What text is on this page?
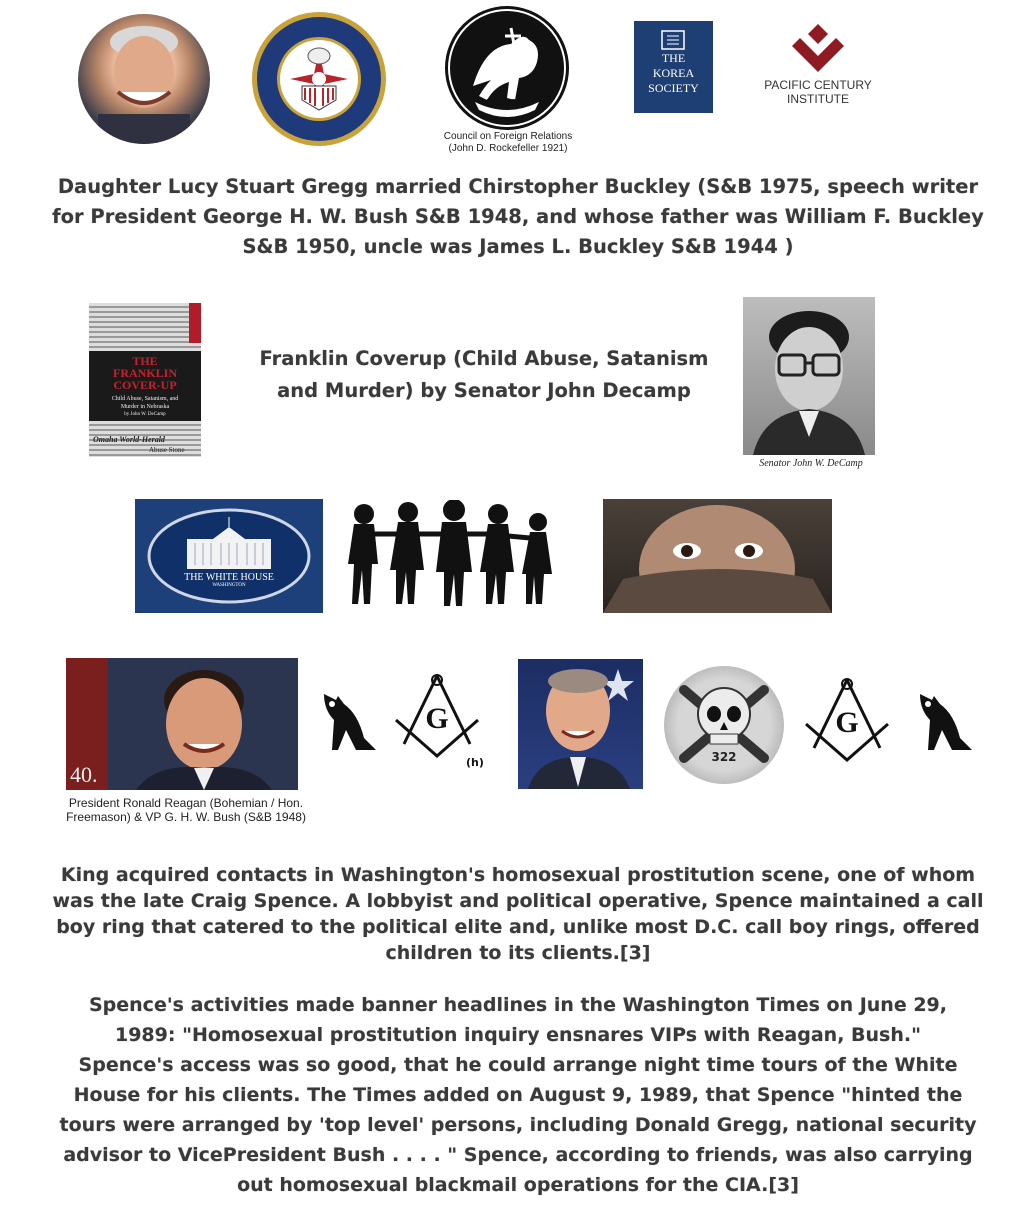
ΠΕΡΙΟΥΣ
Council on Foreign Relations
(John D. Rockefeller 1921)
THE
KOREA
SOCIETY	PACIFIC CENTURY
INSTITUTE
Daughter Lucy Stuart Gregg married Chirstopher Buckley (S&B 1975, speech writer
for President George H. W. Bush S&B 1948, and whose father was William F. Buckley
S&B 1950, uncle was James L. Buckley S&B 1944 )
THE
FRANKLIN
COVER-UP
Child Abuse, Satanism, and
Murder in Nebraska
by John W. DeCamp
Omaha World-Herald
Abuse Stone
Franklin Coverup (Child Abuse, Satanism
and Murder) by Senator John Decamp
Senator John W. DeCamp
THE WHITE HOUSE
WASHINGTON
40.
President Ronald Reagan (Bohemian / Hon.
Freemason) & VP G. H. W. Bush (S&B 1948)
G
(h)	322
G
King acquired contacts in Washington's homosexual prostitution scene, one of whom
was the late Craig Spence. A lobbyist and political operative, Spence maintained a call
boy ring that catered to the political elite and, unlike most D.C. call boy rings, offered
children to its clients.[3]
Spence's activities made banner headlines in the Washington Times on June 29,
1989: "Homosexual prostitution inquiry ensnares VIPs with Reagan, Bush."
Spence's access was so good, that he could arrange night time tours of the White
House for his clients. The Times added on August 9, 1989, that Spence "hinted the
tours were arranged by 'top level' persons, including Donald Gregg, national security
advisor to VicePresident Bush . . . . " Spence, according to friends, was also carrying
out homosexual blackmail operations for the CIA.[3]
